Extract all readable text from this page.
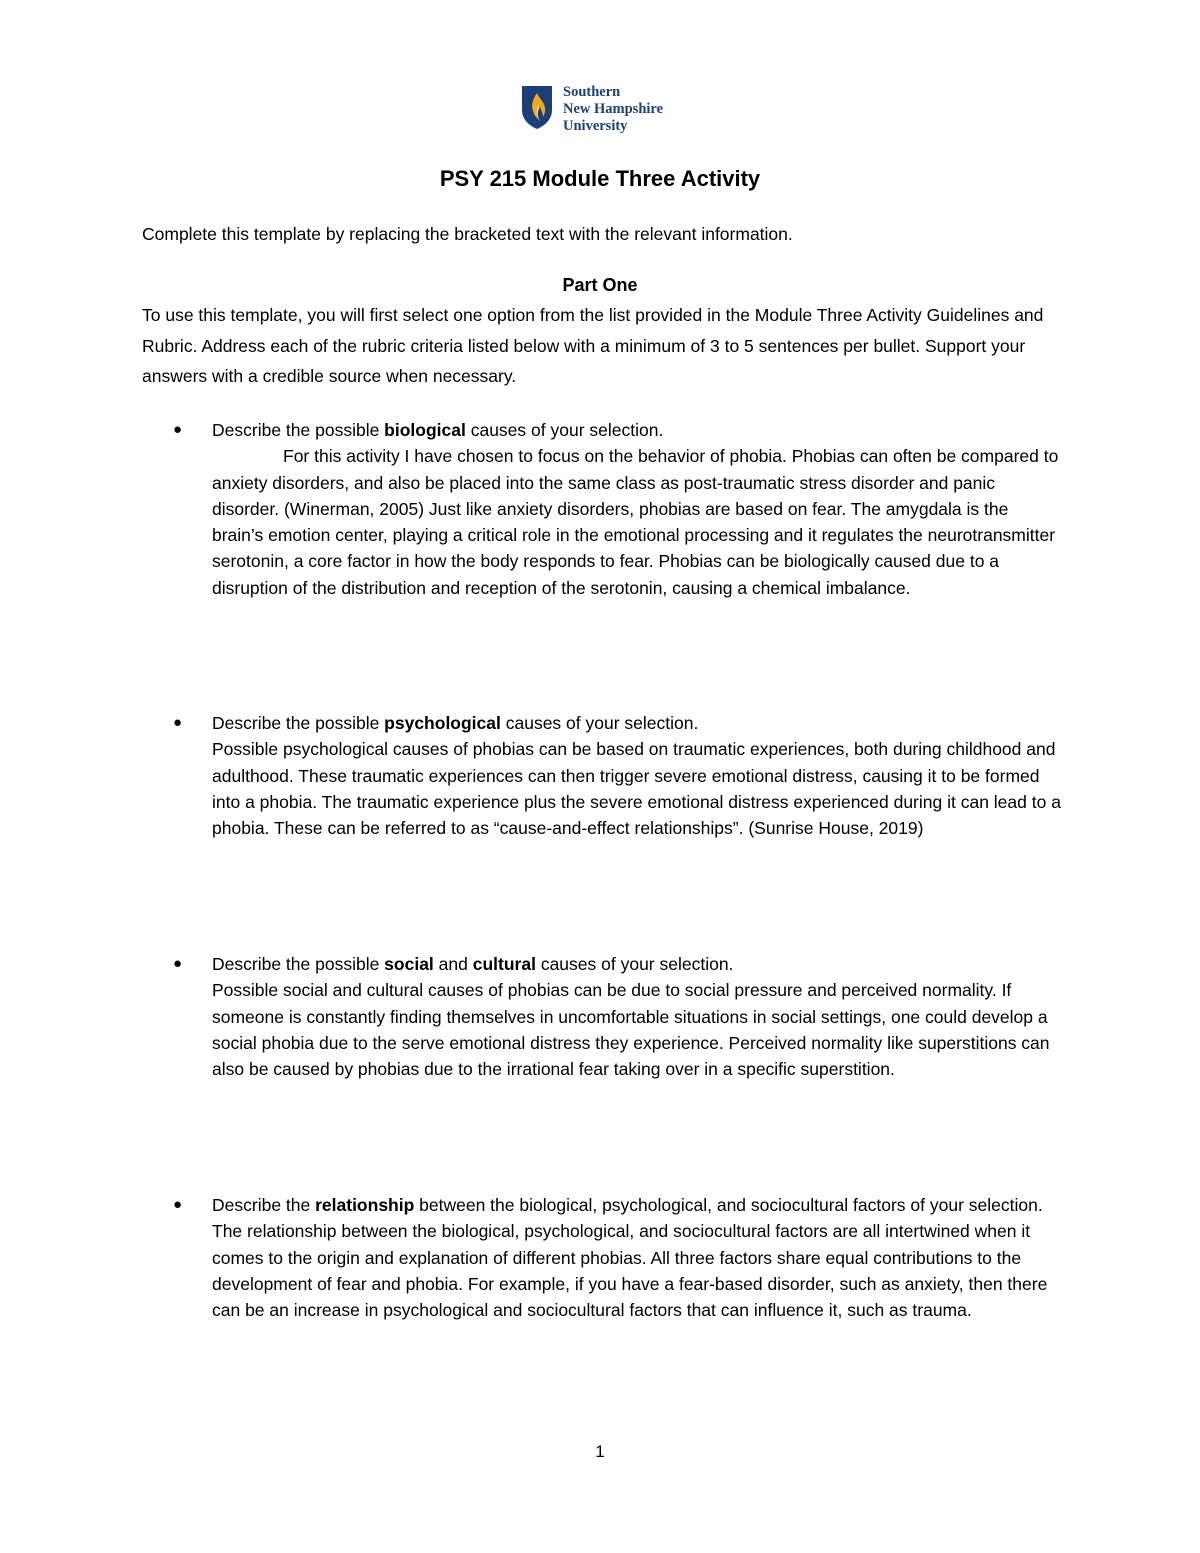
Southern
New Hampshire
University
PSY 215 Module Three Activity
Complete this template by replacing the bracketed text with the relevant information.
Part One
To use this template, you will first select one option from the list provided in the Module Three Activity Guidelines and Rubric. Address each of the rubric criteria listed below with a minimum of 3 to 5 sentences per bullet. Support your answers with a credible source when necessary.
●	Describe the possible biological causes of your selection.
For this activity I have chosen to focus on the behavior of phobia. Phobias can often be compared to anxiety disorders, and also be placed into the same class as post-traumatic stress disorder and panic disorder. (Winerman, 2005) Just like anxiety disorders, phobias are based on fear. The amygdala is the brain’s emotion center, playing a critical role in the emotional processing and it regulates the neurotransmitter serotonin, a core factor in how the body responds to fear. Phobias can be biologically caused due to a disruption of the distribution and reception of the serotonin, causing a chemical imbalance.
●	Describe the possible psychological causes of your selection.
Possible psychological causes of phobias can be based on traumatic experiences, both during childhood and adulthood. These traumatic experiences can then trigger severe emotional distress, causing it to be formed into a phobia. The traumatic experience plus the severe emotional distress experienced during it can lead to a phobia. These can be referred to as “cause-and-effect relationships”. (Sunrise House, 2019)
●	Describe the possible social and cultural causes of your selection.
Possible social and cultural causes of phobias can be due to social pressure and perceived normality. If someone is constantly finding themselves in uncomfortable situations in social settings, one could develop a social phobia due to the serve emotional distress they experience. Perceived normality like superstitions can also be caused by phobias due to the irrational fear taking over in a specific superstition.
●	Describe the relationship between the biological, psychological, and sociocultural factors of your selection.
The relationship between the biological, psychological, and sociocultural factors are all intertwined when it comes to the origin and explanation of different phobias. All three factors share equal contributions to the development of fear and phobia. For example, if you have a fear-based disorder, such as anxiety, then there can be an increase in psychological and sociocultural factors that can influence it, such as trauma.
1
